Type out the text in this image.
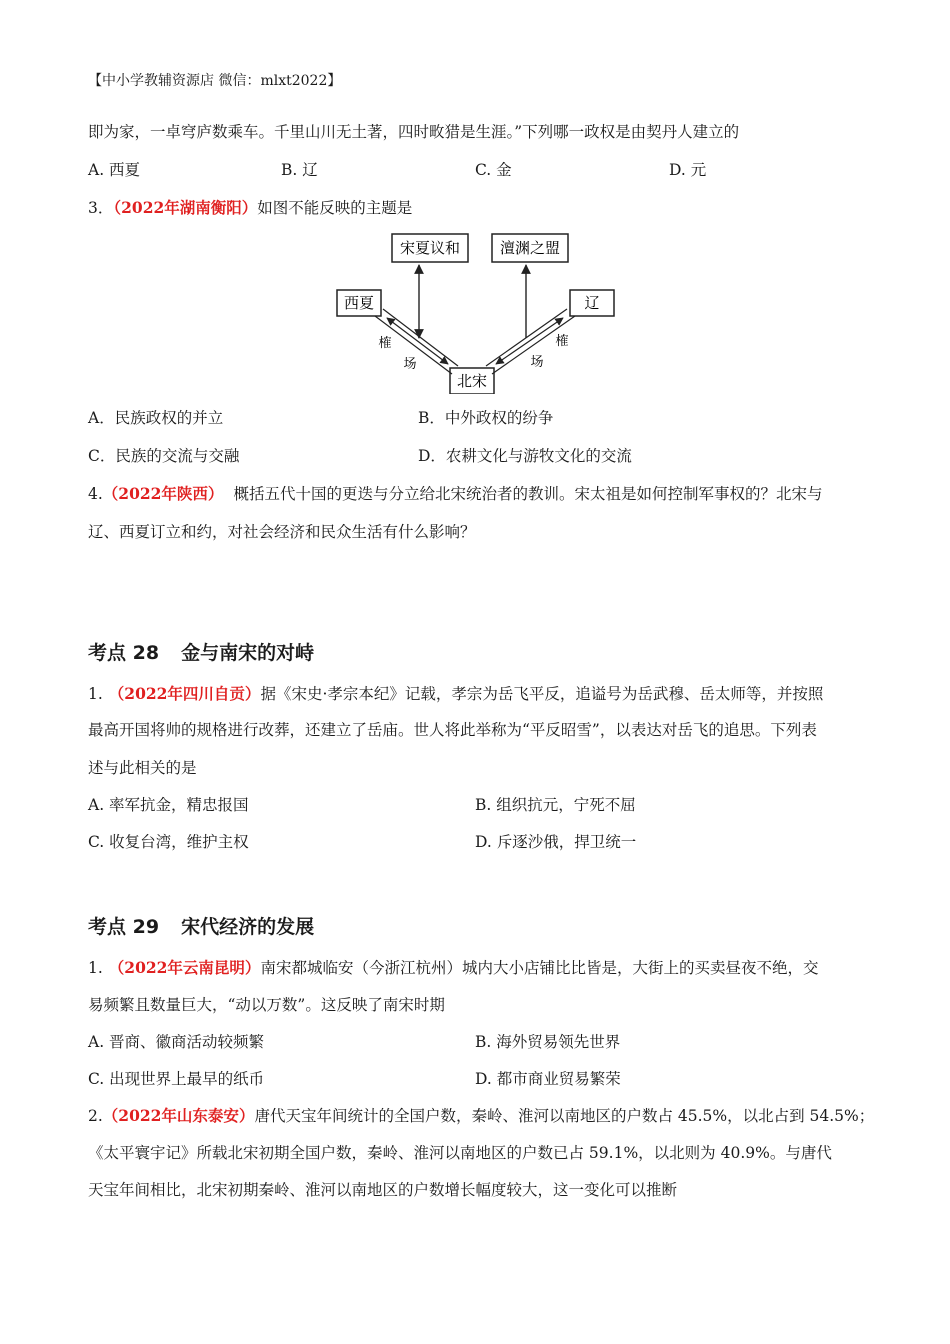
【中小学教辅资源店 微信：mlxt2022】
即为家，一卓穹庐数乘车。千里山川无土著，四时畋猎是生涯。”下列哪一政权是由契丹人建立的
A. 西夏	B. 辽	C. 金	D. 元
3．（2022年湖南衡阳）如图不能反映的主题是
宋夏议和	澶渊之盟
西夏	辽
北宋
榷
场
榷
场
A．民族政权的并立	B．中外政权的纷争
C．民族的交流与交融	D．农耕文化与游牧文化的交流
4.（2022年陕西） 概括五代十国的更迭与分立给北宋统治者的教训。宋太祖是如何控制军事权的？北宋与
辽、西夏订立和约，对社会经济和民众生活有什么影响？
考点 28 金与南宋的对峙
1. （2022年四川自贡）据《宋史·孝宗本纪》记载，孝宗为岳飞平反，追谥号为岳武穆、岳太师等，并按照
最高开国将帅的规格进行改葬，还建立了岳庙。世人将此举称为“平反昭雪”，以表达对岳飞的追思。下列表
述与此相关的是
A. 率军抗金，精忠报国	B. 组织抗元，宁死不屈
C. 收复台湾，维护主权	D. 斥逐沙俄，捍卫统一
考点 29 宋代经济的发展
1. （2022年云南昆明）南宋都城临安（今浙江杭州）城内大小店铺比比皆是，大街上的买卖昼夜不绝，交
易频繁且数量巨大，“动以万数”。这反映了南宋时期
A. 晋商、徽商活动较频繁	B. 海外贸易领先世界
C. 出现世界上最早的纸币	D. 都市商业贸易繁荣
2.（2022年山东泰安）唐代天宝年间统计的全国户数，秦岭、淮河以南地区的户数占 45.5%，以北占到 54.5%；
《太平寰宇记》所载北宋初期全国户数，秦岭、淮河以南地区的户数已占 59.1%，以北则为 40.9%。与唐代
天宝年间相比，北宋初期秦岭、淮河以南地区的户数增长幅度较大，这一变化可以推断
